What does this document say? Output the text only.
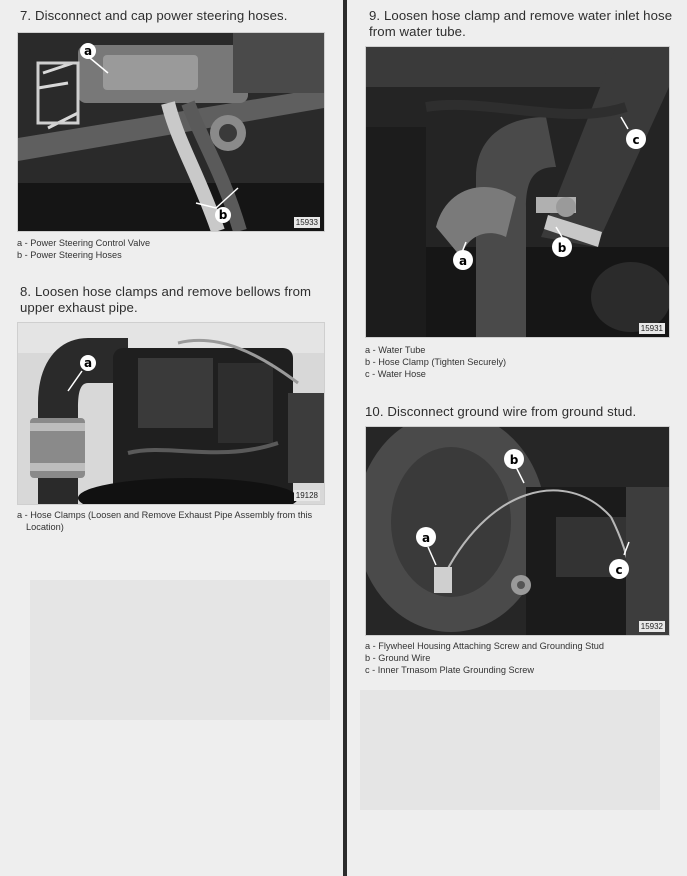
7. Disconnect and cap power steering hoses.

a
b
15933
a - Power Steering Control Valve
b - Power Steering Hoses

8. Loosen hose clamps and remove bellows from upper exhaust pipe.

a
19128
a - Hose Clamps (Loosen and Remove Exhaust Pipe Assembly from this Location)

9. Loosen hose clamp and remove water inlet hose from water tube.

a
b
c
15931
a - Water Tube
b - Hose Clamp (Tighten Securely)
c - Water Hose

10. Disconnect ground wire from ground stud.

a
b
c
15932
a - Flywheel Housing Attaching Screw and Grounding Stud
b - Ground Wire
c - Inner Trnasom Plate Grounding Screw
